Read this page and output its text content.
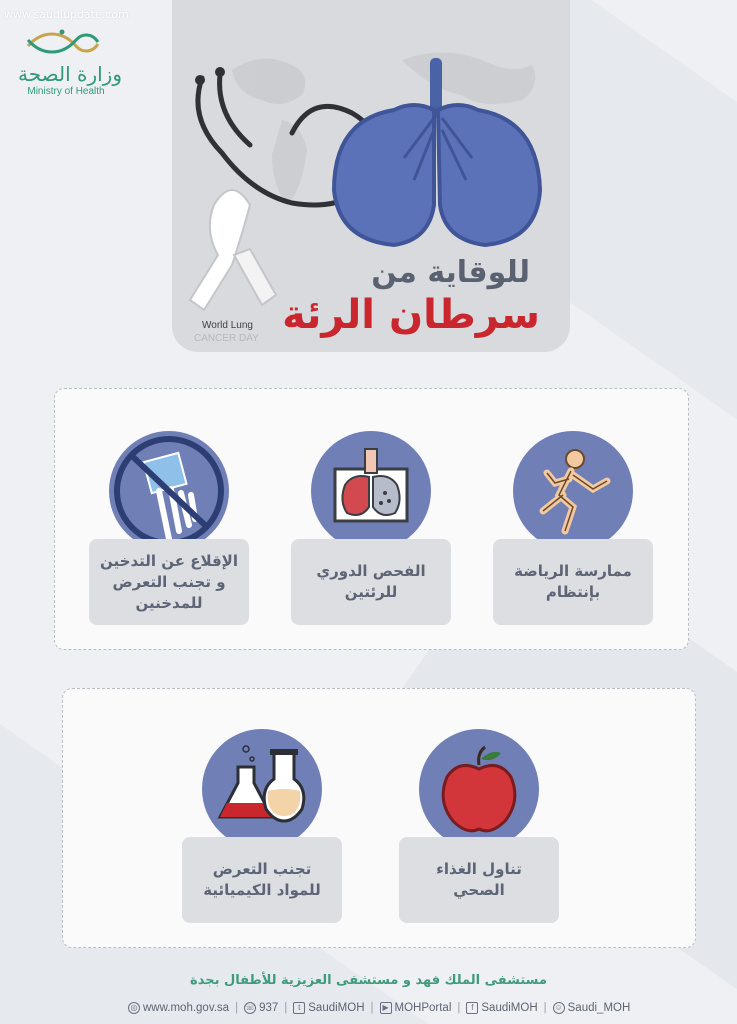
www.saudiupdate.com
وزارة الصحة
Ministry of Health
للوقاية من
سرطان الرئة
World Lung
CANCER DAY
ممارسة الرياضة
بإنتظام
الفحص الدوري
للرئتين
الإقلاع عن التدخين
و تجنب التعرض
للمدخنين
تناول الغذاء
الصحي
تجنب التعرض
للمواد الكيميائية
مستشفى الملك فهد و مستشفى العزيزية للأطفال بجدة
◎ www.moh.gov.sa | ☏ 937 |	t SaudiMOH |	▶ MOHPortal |	f SaudiMOH | ☺ Saudi_MOH
